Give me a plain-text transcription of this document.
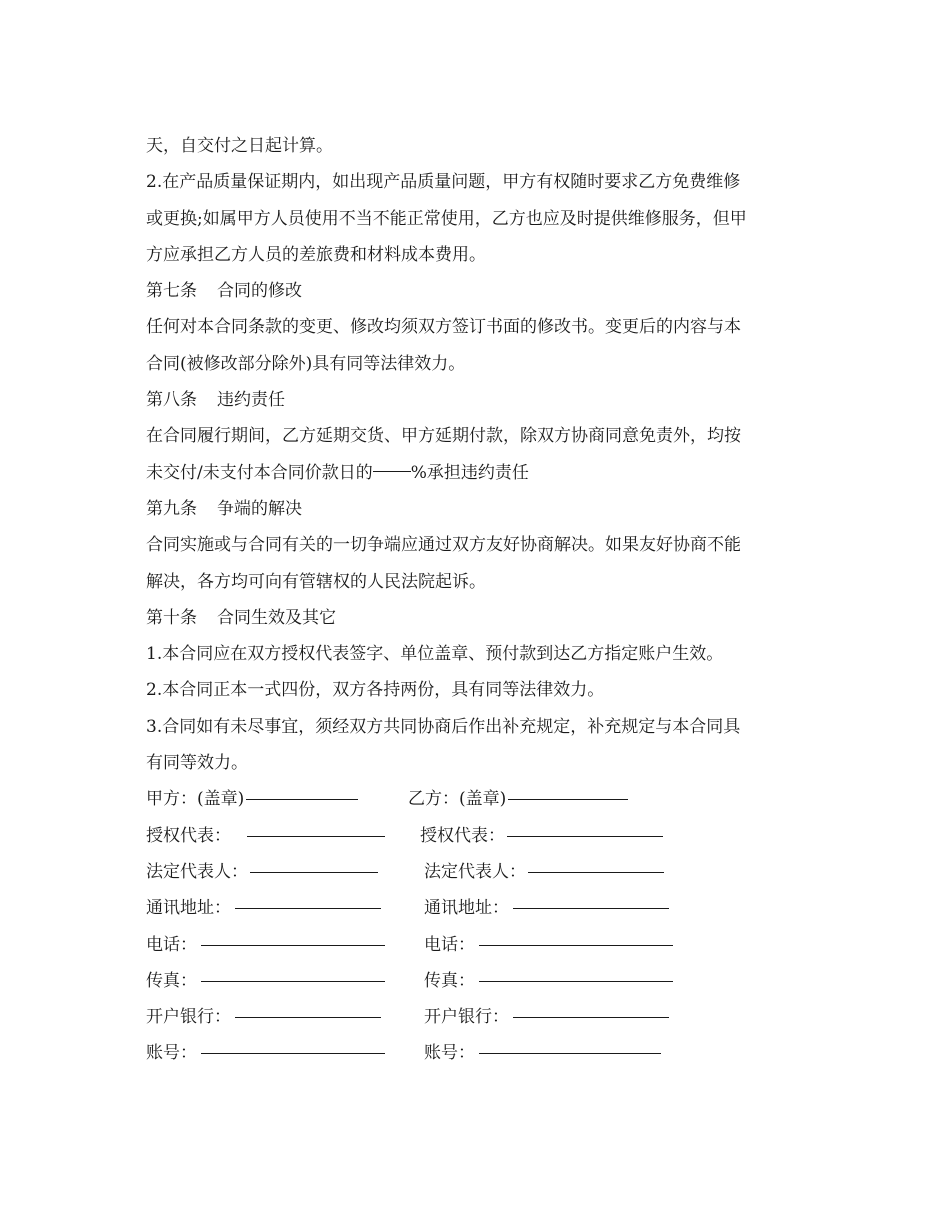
天，自交付之日起计算。
2.在产品质量保证期内，如出现产品质量问题，甲方有权随时要求乙方免费维修
或更换;如属甲方人员使用不当不能正常使用，乙方也应及时提供维修服务，但甲
方应承担乙方人员的差旅费和材料成本费用。
第七条 合同的修改
任何对本合同条款的变更、修改均须双方签订书面的修改书。变更后的内容与本
合同(被修改部分除外)具有同等法律效力。
第八条 违约责任
在合同履行期间，乙方延期交货、甲方延期付款，除双方协商同意免责外，均按
未交付/未支付本合同价款日的 %承担违约责任
第九条 争端的解决
合同实施或与合同有关的一切争端应通过双方友好协商解决。如果友好协商不能
解决，各方均可向有管辖权的人民法院起诉。
第十条 合同生效及其它
1.本合同应在双方授权代表签字、单位盖章、预付款到达乙方指定账户生效。
2.本合同正本一式四份，双方各持两份，具有同等法律效力。
3.合同如有未尽事宜，须经双方共同协商后作出补充规定，补充规定与本合同具
有同等效力。
甲方：(盖章)	乙方：(盖章)
授权代表：	授权代表：
法定代表人：	法定代表人：
通讯地址：	通讯地址：
电话：	电话：
传真：	传真：
开户银行：	开户银行：
账号：	账号：
